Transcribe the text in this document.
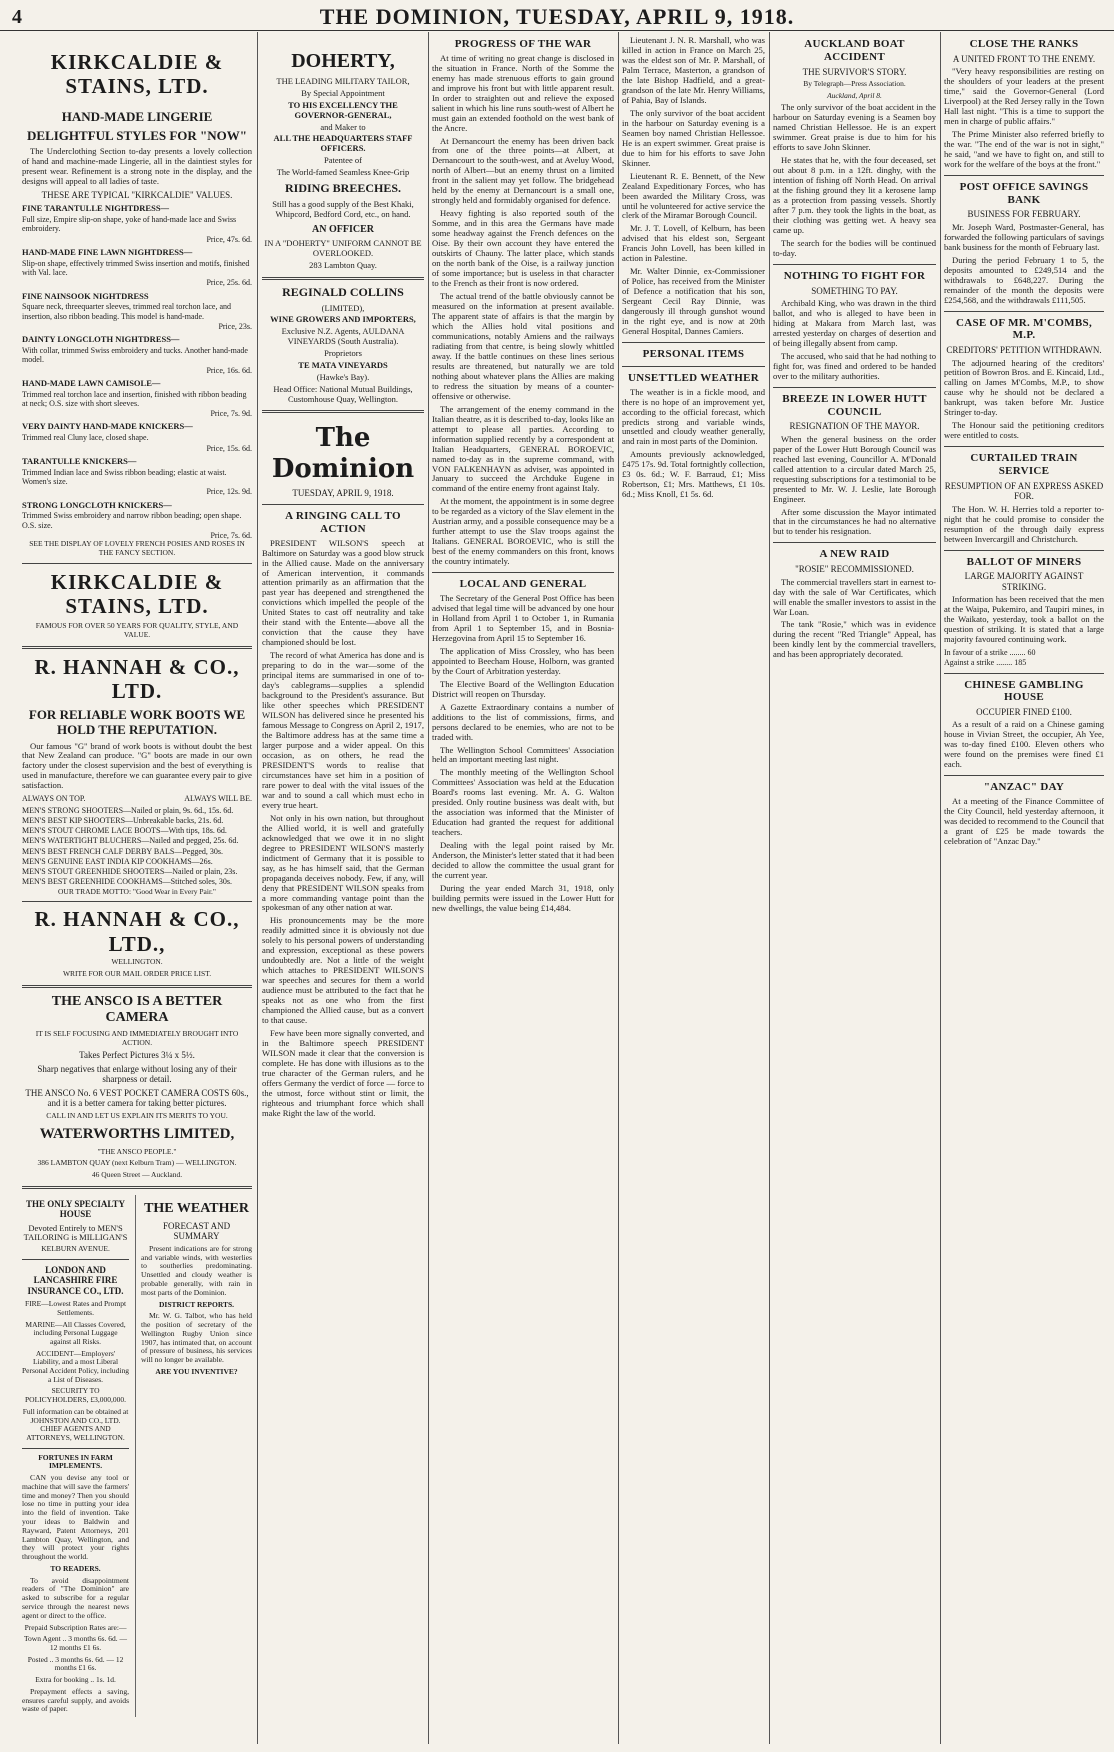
4	THE DOMINION, TUESDAY, APRIL 9, 1918.
KIRKCALDIE & STAINS, LTD.
HAND-MADE LINGERIE
DELIGHTFUL STYLES FOR "NOW"

The Underclothing Section to-day presents a lovely collection of hand and machine-made Lingerie, all in the daintiest styles for present wear. Refinement is a strong note in the display, and the designs will appeal to all ladies of taste.

THESE ARE TYPICAL "KIRKCALDIE" VALUES.
FINE TARANTULLE NIGHTDRESS—
Full size, Empire slip-on shape, yoke of hand-made lace and Swiss embroidery.
Price, 47s. 6d.
HAND-MADE FINE LAWN NIGHTDRESS—
Slip-on shape, effectively trimmed Swiss insertion and motifs, finished with Val. lace.
Price, 25s. 6d.
FINE NAINSOOK NIGHTDRESS
Square neck, threequarter sleeves, trimmed real torchon lace, and insertion, also ribbon beading. This model is hand-made.
Price, 23s.
DAINTY LONGCLOTH NIGHTDRESS—
With collar, trimmed Swiss embroidery and tucks. Another hand-made model.
Price, 16s. 6d.
HAND-MADE LAWN CAMISOLE—
Trimmed real torchon lace and insertion, finished with ribbon beading at neck; O.S. size with short sleeves.
Price, 7s. 9d.
VERY DAINTY HAND-MADE KNICKERS—
Trimmed real Cluny lace, closed shape.
Price, 15s. 6d.
TARANTULLE KNICKERS—
Trimmed Indian lace and Swiss ribbon beading; elastic at waist. Women's size.
Price, 12s. 9d.
STRONG LONGCLOTH KNICKERS—
Trimmed Swiss embroidery and narrow ribbon beading; open shape. O.S. size.
Price, 7s. 6d.
SEE THE DISPLAY OF LOVELY FRENCH POSIES AND ROSES IN THE FANCY SECTION.
KIRKCALDIE & STAINS, LTD.
FAMOUS FOR OVER 50 YEARS FOR QUALITY, STYLE, AND VALUE.
R. HANNAH & CO., LTD.
FOR RELIABLE WORK BOOTS WE HOLD THE REPUTATION.

Our famous "G" brand of work boots is without doubt the best that New Zealand can produce. "G" boots are made in our own factory under the closest supervision and the best of everything is used in manufacture, therefore we can guarantee every pair to give satisfaction.

ALWAYS ON TOP.	ALWAYS WILL BE.
MEN'S STRONG SHOOTERS—Nailed or plain, 9s. 6d., 15s. 6d.
MEN'S BEST KIP SHOOTERS—Unbreakable backs, 21s. 6d.
MEN'S STOUT CHROME LACE BOOTS—With tips, 18s. 6d.
MEN'S WATERTIGHT BLUCHERS—Nailed and pegged, 25s. 6d.
MEN'S BEST FRENCH CALF DERBY BALS—Pegged, 30s.
MEN'S GENUINE EAST INDIA KIP COOKHAMS—26s.
MEN'S STOUT GREENHIDE SHOOTERS—Nailed or plain, 23s.
MEN'S BEST GREENHIDE COOKHAMS—Stitched soles, 30s.
OUR TRADE MOTTO: "Good Wear in Every Pair."
R. HANNAH & CO., LTD.,
WELLINGTON.
WRITE FOR OUR MAIL ORDER PRICE LIST.
THE ANSCO IS A BETTER CAMERA
IT IS SELF FOCUSING AND IMMEDIATELY BROUGHT INTO ACTION.
Takes Perfect Pictures 3¼ x 5½.
Sharp negatives that enlarge without losing any of their sharpness or detail.
THE ANSCO No. 6 VEST POCKET CAMERA COSTS 60s., and it is a better camera for taking better pictures.
CALL IN AND LET US EXPLAIN ITS MERITS TO YOU.
WATERWORTHS LIMITED,
"THE ANSCO PEOPLE."
386 LAMBTON QUAY (next Kelburn Tram) — WELLINGTON.
46 Queen Street — Auckland.
THE ONLY SPECIALTY HOUSE
Devoted Entirely to MEN'S TAILORING is MILLIGAN'S
KELBURN AVENUE.
LONDON AND LANCASHIRE FIRE INSURANCE CO., LTD.
FIRE—Lowest Rates and Prompt Settlements.
MARINE—All Classes Covered, including Personal Luggage against all Risks.
ACCIDENT—Employers' Liability, and a most Liberal Personal Accident Policy, including a List of Diseases.
SECURITY TO POLICYHOLDERS, £3,000,000.
Full information can be obtained at JOHNSTON AND CO., LTD. CHIEF AGENTS AND ATTORNEYS, WELLINGTON.
FORTUNES IN FARM IMPLEMENTS.

CAN you devise any tool or machine that will save the farmers' time and money? Then you should lose no time in putting your idea into the field of invention. Take your ideas to Baldwin and Rayward, Patent Attorneys, 201 Lambton Quay, Wellington, and they will protect your rights throughout the world.

TO READERS.

To avoid disappointment readers of "The Dominion" are asked to subscribe for a regular service through the nearest news agent or direct to the office.

Prepaid Subscription Rates are:—
Town Agent .. 3 months 6s. 6d. — 12 months £1 6s.
Posted .. 3 months 6s. 6d. — 12 months £1 6s.
Extra for booking .. 1s. 1d.

Prepayment effects a saving, ensures careful supply, and avoids waste of paper.

THE WEATHER
FORECAST AND SUMMARY

Present indications are for strong and variable winds, with westerlies to southerlies predominating. Unsettled and cloudy weather is probable generally, with rain in most parts of the Dominion.

DISTRICT REPORTS.

Mr. W. G. Talbot, who has held the position of secretary of the Wellington Rugby Union since 1907, has intimated that, on account of pressure of business, his services will no longer be available.

ARE YOU INVENTIVE?
DOHERTY,
THE LEADING MILITARY TAILOR,
By Special Appointment
TO HIS EXCELLENCY THE GOVERNOR-GENERAL,
and Maker to
ALL THE HEADQUARTERS STAFF OFFICERS.
Patentee of
The World-famed Seamless Knee-Grip
RIDING BREECHES.
Still has a good supply of the Best Khaki, Whipcord, Bedford Cord, etc., on hand.
AN OFFICER
IN A "DOHERTY" UNIFORM CANNOT BE OVERLOOKED.
283 Lambton Quay.
REGINALD COLLINS
(LIMITED),
WINE GROWERS AND IMPORTERS,
Exclusive N.Z. Agents, AULDANA VINEYARDS (South Australia).
Proprietors
TE MATA VINEYARDS
(Hawke's Bay).
Head Office: National Mutual Buildings, Customhouse Quay, Wellington.
The Dominion
TUESDAY, APRIL 9, 1918.
A RINGING CALL TO ACTION

PRESIDENT WILSON'S speech at Baltimore on Saturday was a good blow struck in the Allied cause. Made on the anniversary of American intervention, it commands attention primarily as an affirmation that the past year has deepened and strengthened the convictions which impelled the people of the United States to cast off neutrality and take their stand with the Entente—above all the conviction that the cause they have championed should be lost.

The record of what America has done and is preparing to do in the war—some of the principal items are summarised in one of to-day's cablegrams—supplies a splendid background to the President's assurance. But like other speeches which PRESIDENT WILSON has delivered since he presented his famous Message to Congress on April 2, 1917, the Baltimore address has at the same time a larger purpose and a wider appeal. On this occasion, as on others, he read the PRESIDENT'S words to realise that circumstances have set him in a position of rare power to deal with the vital issues of the war and to sound a call which must echo in every true heart.

Not only in his own nation, but throughout the Allied world, it is well and gratefully acknowledged that we owe it in no slight degree to PRESIDENT WILSON'S masterly indictment of Germany that it is possible to say, as he has himself said, that the German propaganda deceives nobody. Few, if any, will deny that PRESIDENT WILSON speaks from a more commanding vantage point than the spokesman of any other nation at war.

His pronouncements may be the more readily admitted since it is obviously not due solely to his personal powers of understanding and expression, exceptional as these powers undoubtedly are. Not a little of the weight which attaches to PRESIDENT WILSON'S war speeches and secures for them a world audience must be attributed to the fact that he speaks not as one who from the first championed the Allied cause, but as a convert to that cause.

Few have been more signally converted, and in the Baltimore speech PRESIDENT WILSON made it clear that the conversion is complete. He has done with illusions as to the true character of the German rulers, and he offers Germany the verdict of force — force to the utmost, force without stint or limit, the righteous and triumphant force which shall make Right the law of the world.

PROGRESS OF THE WAR

At time of writing no great change is disclosed in the situation in France. North of the Somme the enemy has made strenuous efforts to gain ground and improve his front but with little apparent result. In order to straighten out and relieve the exposed salient in which his line runs south-west of Albert he must gain an extended foothold on the west bank of the Ancre.

At Dernancourt the enemy has been driven back from one of the three points—at Albert, at Dernancourt to the south-west, and at Aveluy Wood, north of Albert—but an enemy thrust on a limited front in the salient may yet follow. The bridgehead held by the enemy at Dernancourt is a small one, strongly held and formidably organised for defence.

Heavy fighting is also reported south of the Somme, and in this area the Germans have made some headway against the French defences on the Oise. By their own account they have entered the outskirts of Chauny. The latter place, which stands on the north bank of the Oise, is a railway junction of some importance; but is useless in that character to the French as their front is now ordered.

The actual trend of the battle obviously cannot be measured on the information at present available. The apparent state of affairs is that the margin by which the Allies hold vital positions and communications, notably Amiens and the railways radiating from that centre, is being slowly whittled away. If the battle continues on these lines serious results are threatened, but naturally we are told nothing about whatever plans the Allies are making to redress the situation by means of a counter-offensive or otherwise.

The arrangement of the enemy command in the Italian theatre, as it is described to-day, looks like an attempt to please all parties. According to information supplied recently by a correspondent at Italian Headquarters, GENERAL BOROEVIC, named to-day as in the supreme command, with VON FALKENHAYN as adviser, was appointed in January to succeed the Archduke Eugene in command of the entire enemy front against Italy.

At the moment, the appointment is in some degree to be regarded as a victory of the Slav element in the Austrian army, and a possible consequence may be a further attempt to use the Slav troops against the Italians. GENERAL BOROEVIC, who is still the best of the enemy commanders on this front, knows the country intimately.

LOCAL AND GENERAL

The Secretary of the General Post Office has been advised that legal time will be advanced by one hour in Holland from April 1 to October 1, in Rumania from April 1 to September 15, and in Bosnia-Herzegovina from April 15 to September 16.

The application of Miss Crossley, who has been appointed to Beecham House, Holborn, was granted by the Court of Arbitration yesterday.

The Elective Board of the Wellington Education District will reopen on Thursday.

A Gazette Extraordinary contains a number of additions to the list of commissions, firms, and persons declared to be enemies, who are not to be traded with.

The Wellington School Committees' Association held an important meeting last night.

The monthly meeting of the Wellington School Committees' Association was held at the Education Board's rooms last evening. Mr. A. G. Walton presided. Only routine business was dealt with, but the association was informed that the Minister of Education had granted the request for additional teachers.

Dealing with the legal point raised by Mr. Anderson, the Minister's letter stated that it had been decided to allow the committee the usual grant for the current year.

During the year ended March 31, 1918, only building permits were issued in the Lower Hutt for new dwellings, the value being £14,484.

Lieutenant J. N. R. Marshall, who was killed in action in France on March 25, was the eldest son of Mr. P. Marshall, of Palm Terrace, Masterton, a grandson of the late Bishop Hadfield, and a great-grandson of the late Mr. Henry Williams, of Pahia, Bay of Islands.

The only survivor of the boat accident in the harbour on Saturday evening is a Seamen boy named Christian Hellessoe. He is an expert swimmer. Great praise is due to him for his efforts to save John Skinner.

Lieutenant R. E. Bennett, of the New Zealand Expeditionary Forces, who has been awarded the Military Cross, was until he volunteered for active service the clerk of the Miramar Borough Council.

Mr. J. T. Lovell, of Kelburn, has been advised that his eldest son, Sergeant Francis John Lovell, has been killed in action in Palestine.

Mr. Walter Dinnie, ex-Commissioner of Police, has received from the Minister of Defence a notification that his son, Sergeant Cecil Ray Dinnie, was dangerously ill through gunshot wound in the right eye, and is now at 20th General Hospital, Dannes Camiers.

PERSONAL ITEMS
UNSETTLED WEATHER

The weather is in a fickle mood, and there is no hope of an improvement yet, according to the official forecast, which predicts strong and variable winds, unsettled and cloudy weather generally, and rain in most parts of the Dominion.

Amounts previously acknowledged, £475 17s. 9d. Total fortnightly collection, £3 0s. 6d.; W. F. Barraud, £1; Miss Robertson, £1; Mrs. Matthews, £1 10s. 6d.; Miss Knoll, £1 5s. 6d.

AUCKLAND BOAT ACCIDENT
THE SURVIVOR'S STORY.
By Telegraph—Press Association.
Auckland, April 8.

The only survivor of the boat accident in the harbour on Saturday evening is a Seamen boy named Christian Hellessoe. He is an expert swimmer. Great praise is due to him for his efforts to save John Skinner.

He states that he, with the four deceased, set out about 8 p.m. in a 12ft. dinghy, with the intention of fishing off North Head. On arrival at the fishing ground they lit a kerosene lamp as a protection from passing vessels. Shortly after 7 p.m. they took the lights in the boat, as their clothing was getting wet. A heavy sea came up.

The search for the bodies will be continued to-day.

NOTHING TO FIGHT FOR
SOMETHING TO PAY.

Archibald King, who was drawn in the third ballot, and who is alleged to have been in hiding at Makara from March last, was arrested yesterday on charges of desertion and of being illegally absent from camp.

The accused, who said that he had nothing to fight for, was fined and ordered to be handed over to the military authorities.

BREEZE IN LOWER HUTT COUNCIL
RESIGNATION OF THE MAYOR.

When the general business on the order paper of the Lower Hutt Borough Council was reached last evening, Councillor A. M'Donald called attention to a circular dated March 25, requesting subscriptions for a testimonial to be presented to Mr. W. J. Leslie, late Borough Engineer.

After some discussion the Mayor intimated that in the circumstances he had no alternative but to tender his resignation.

A NEW RAID
"ROSIE" RECOMMISSIONED.

The commercial travellers start in earnest to-day with the sale of War Certificates, which will enable the smaller investors to assist in the War Loan.

The tank "Rosie," which was in evidence during the recent "Red Triangle" Appeal, has been kindly lent by the commercial travellers, and has been appropriately decorated.

CLOSE THE RANKS
A UNITED FRONT TO THE ENEMY.

"Very heavy responsibilities are resting on the shoulders of your leaders at the present time," said the Governor-General (Lord Liverpool) at the Red Jersey rally in the Town Hall last night. "This is a time to support the men in charge of public affairs."

The Prime Minister also referred briefly to the war. "The end of the war is not in sight," he said, "and we have to fight on, and still to work for the welfare of the boys at the front."

POST OFFICE SAVINGS BANK
BUSINESS FOR FEBRUARY.

Mr. Joseph Ward, Postmaster-General, has forwarded the following particulars of savings bank business for the month of February last.

During the period February 1 to 5, the deposits amounted to £249,514 and the withdrawals to £648,227. During the remainder of the month the deposits were £254,568, and the withdrawals £111,505.

CASE OF MR. M'COMBS, M.P.
CREDITORS' PETITION WITHDRAWN.

The adjourned hearing of the creditors' petition of Bowron Bros. and E. Kincaid, Ltd., calling on James M'Combs, M.P., to show cause why he should not be declared a bankrupt, was taken before Mr. Justice Stringer to-day.

The Honour said the petitioning creditors were entitled to costs.

CURTAILED TRAIN SERVICE
RESUMPTION OF AN EXPRESS ASKED FOR.

The Hon. W. H. Herries told a reporter to-night that he could promise to consider the resumption of the through daily express between Invercargill and Christchurch.

BALLOT OF MINERS
LARGE MAJORITY AGAINST STRIKING.

Information has been received that the men at the Waipa, Pukemiro, and Taupiri mines, in the Waikato, yesterday, took a ballot on the question of striking. It is stated that a large majority favoured continuing work.

In favour of a strike ........ 60
Against a strike ........ 185
CHINESE GAMBLING HOUSE
OCCUPIER FINED £100.

As a result of a raid on a Chinese gaming house in Vivian Street, the occupier, Ah Yee, was to-day fined £100. Eleven others who were found on the premises were fined £1 each.

"ANZAC" DAY

At a meeting of the Finance Committee of the City Council, held yesterday afternoon, it was decided to recommend to the Council that a grant of £25 be made towards the celebration of "Anzac Day."
